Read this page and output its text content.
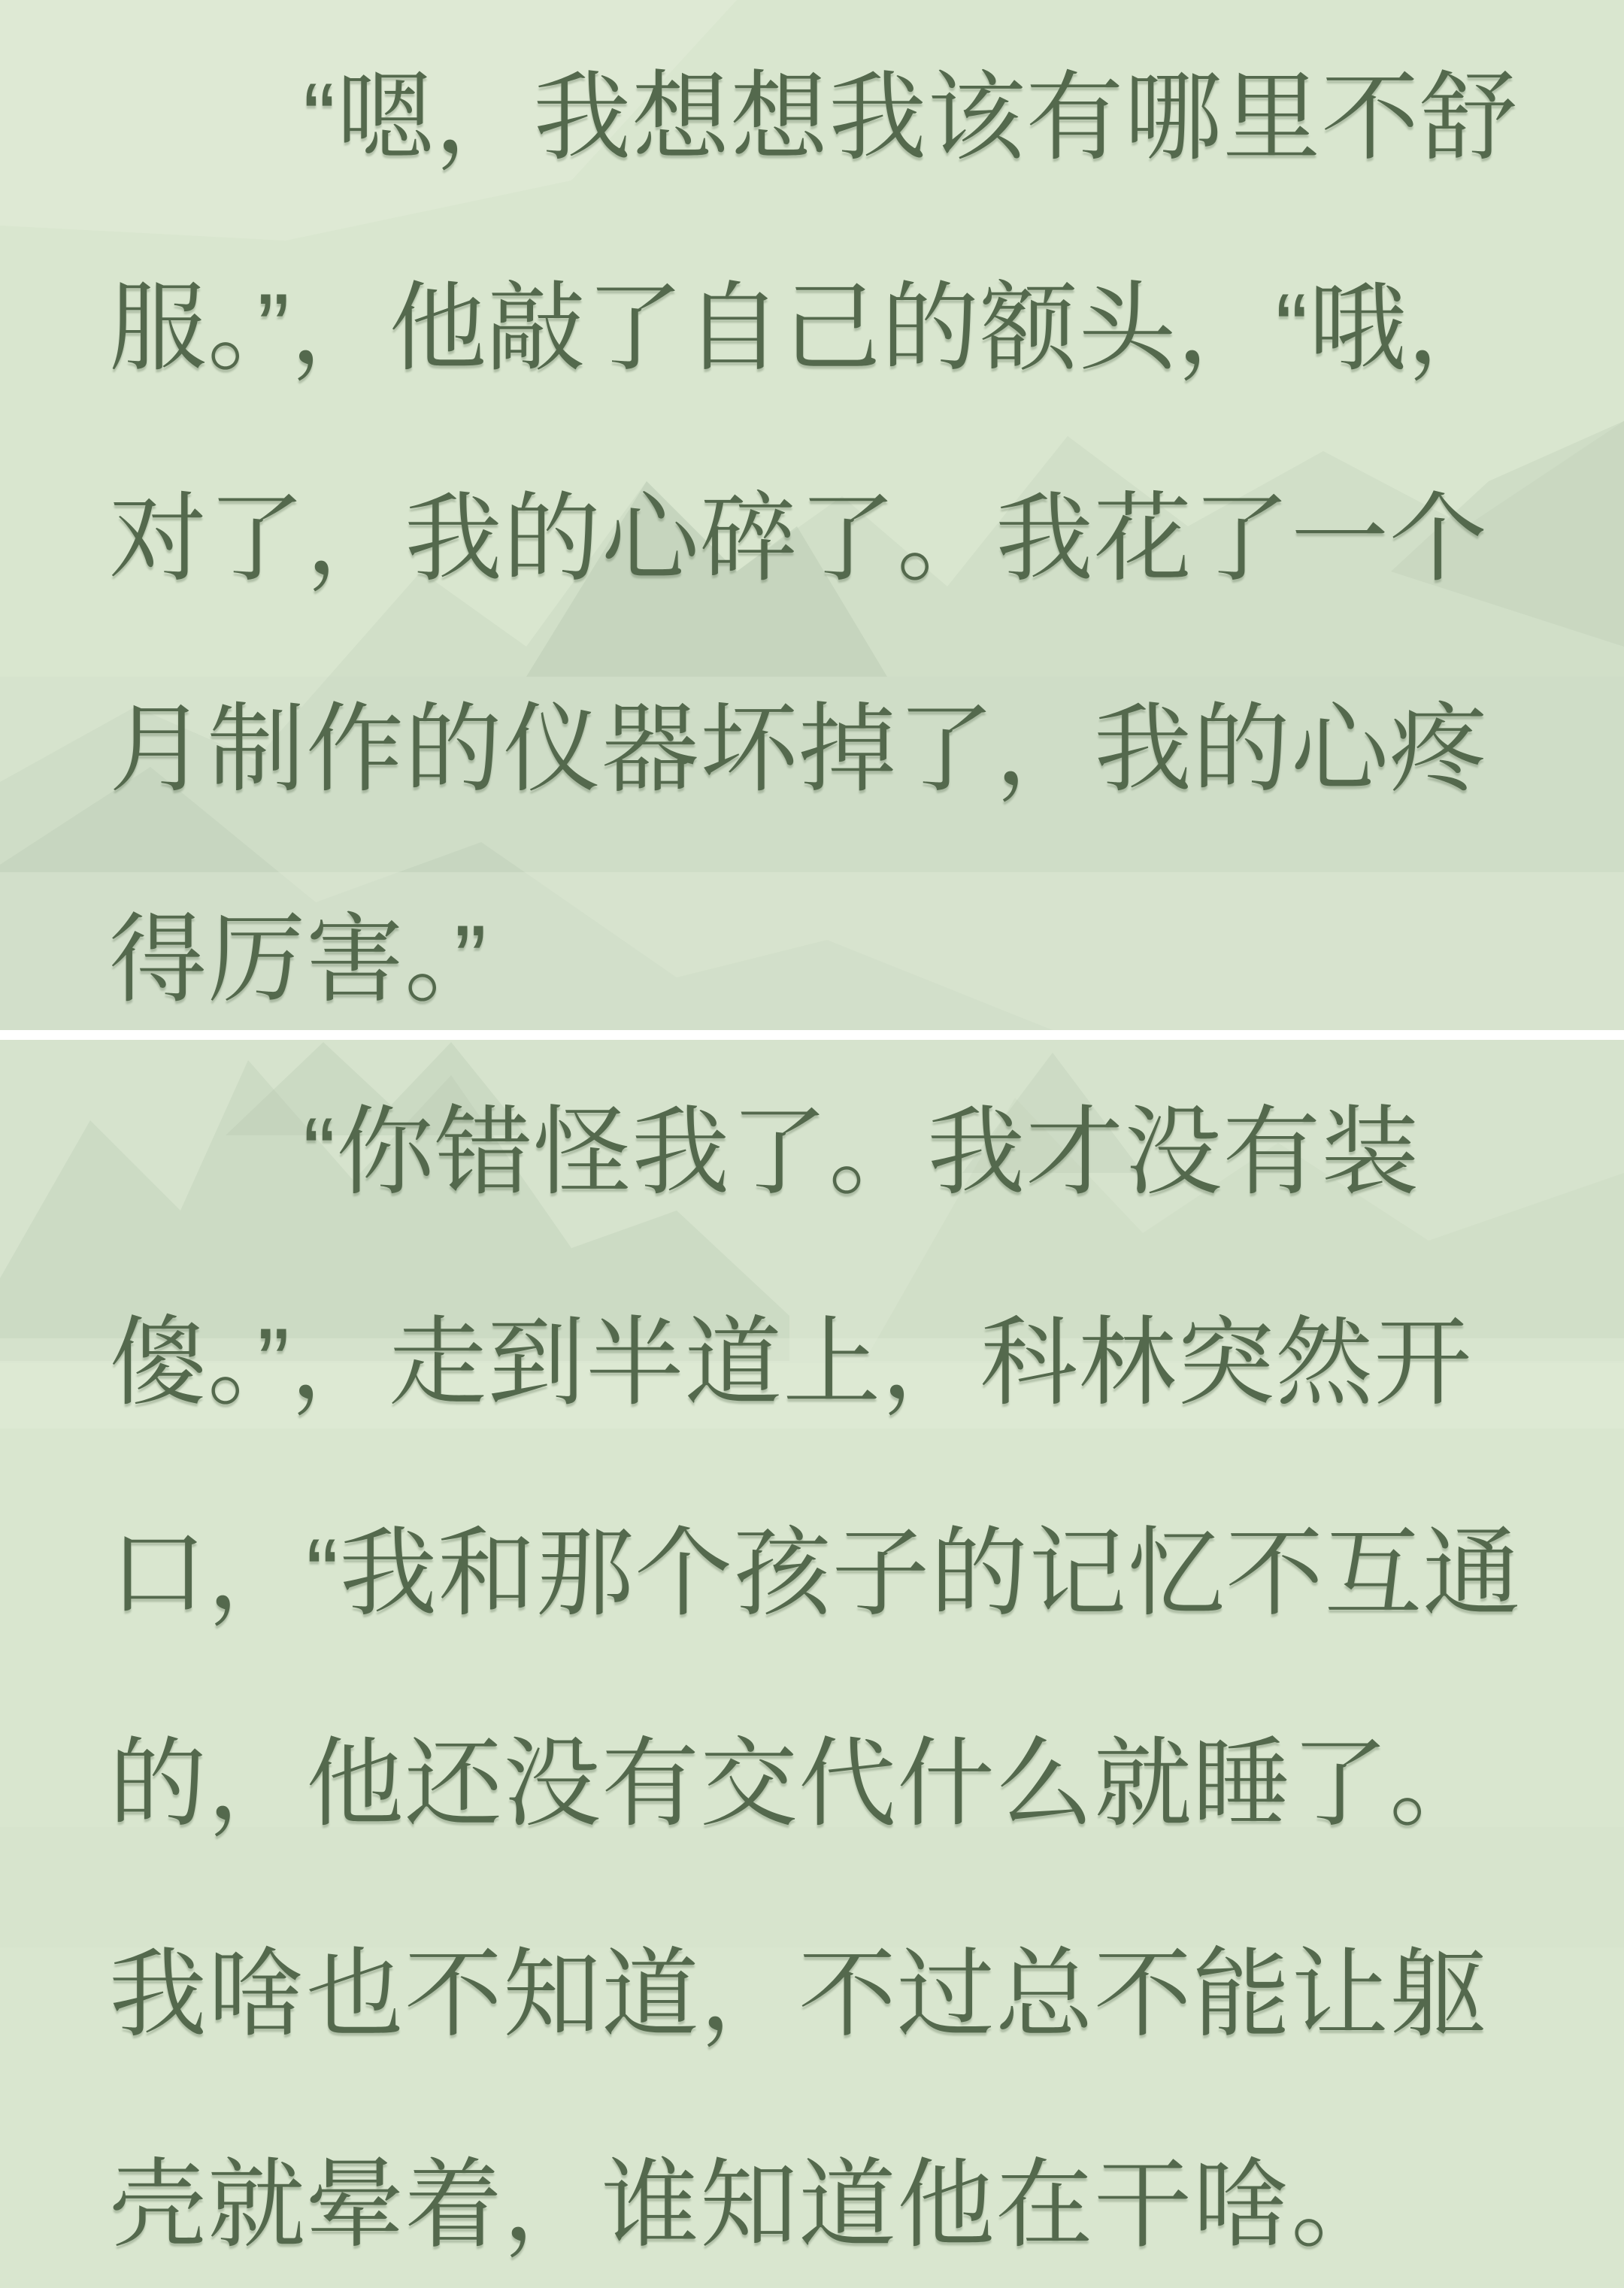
“嗯，我想想我该有哪里不舒
服。”，他敲了自己的额头，“哦，
对了，我的心碎了。我花了一个
月制作的仪器坏掉了，我的心疼
得厉害。”
“你错怪我了。我才没有装
傻。”，走到半道上，科林突然开
口，“我和那个孩子的记忆不互通
的，他还没有交代什么就睡了。
我啥也不知道，不过总不能让躯
壳就晕着，谁知道他在干啥。
